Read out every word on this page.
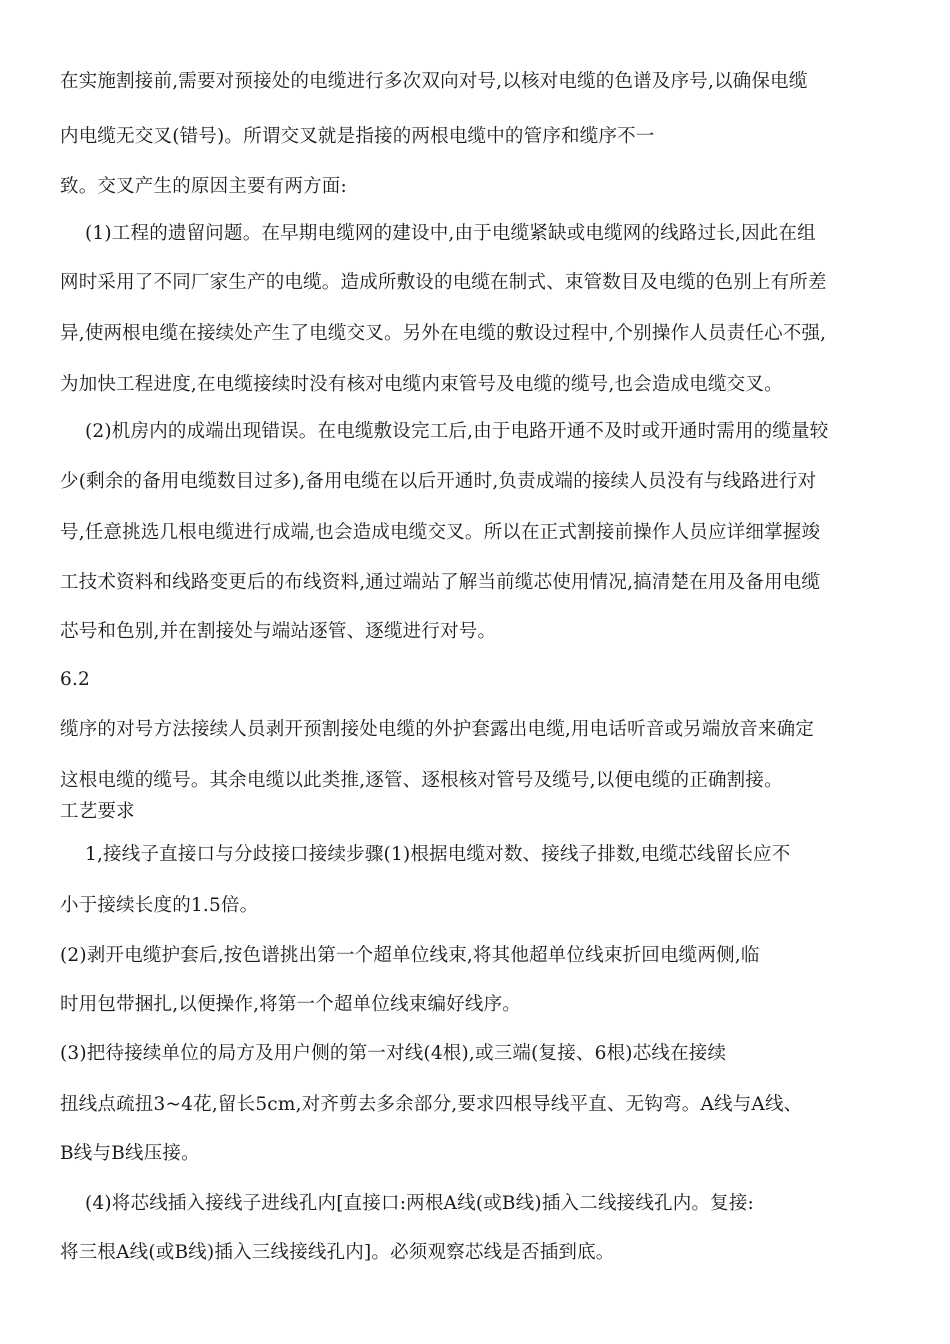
在实施割接前,需要对预接处的电缆进行多次双向对号,以核对电缆的色谱及序号,以确保电缆
内电缆无交叉(错号)。所谓交叉就是指接的两根电缆中的管序和缆序不一
致。交叉产生的原因主要有两方面:
(1)工程的遗留问题。在早期电缆网的建设中,由于电缆紧缺或电缆网的线路过长,因此在组
网时采用了不同厂家生产的电缆。造成所敷设的电缆在制式、束管数目及电缆的色别上有所差
异,使两根电缆在接续处产生了电缆交叉。另外在电缆的敷设过程中,个别操作人员责任心不强,
为加快工程进度,在电缆接续时没有核对电缆内束管号及电缆的缆号,也会造成电缆交叉。
(2)机房内的成端出现错误。在电缆敷设完工后,由于电路开通不及时或开通时需用的缆量较
少(剩余的备用电缆数目过多),备用电缆在以后开通时,负责成端的接续人员没有与线路进行对
号,任意挑选几根电缆进行成端,也会造成电缆交叉。所以在正式割接前操作人员应详细掌握竣
工技术资料和线路变更后的布线资料,通过端站了解当前缆芯使用情况,搞清楚在用及备用电缆
芯号和色别,并在割接处与端站逐管、逐缆进行对号。
6.2
缆序的对号方法接续人员剥开预割接处电缆的外护套露出电缆,用电话听音或另端放音来确定
这根电缆的缆号。其余电缆以此类推,逐管、逐根核对管号及缆号,以便电缆的正确割接。
工艺要求
1,接线子直接口与分歧接口接续步骤(1)根据电缆对数、接线子排数,电缆芯线留长应不
小于接续长度的1.5倍。
(2)剥开电缆护套后,按色谱挑出第一个超单位线束,将其他超单位线束折回电缆两侧,临
时用包带捆扎,以便操作,将第一个超单位线束编好线序。
(3)把待接续单位的局方及用户侧的第一对线(4根),或三端(复接、6根)芯线在接续
扭线点疏扭3~4花,留长5cm,对齐剪去多余部分,要求四根导线平直、无钩弯。A线与A线、
B线与B线压接。
(4)将芯线插入接线子进线孔内[直接口:两根A线(或B线)插入二线接线孔内。复接:
将三根A线(或B线)插入三线接线孔内]。必须观察芯线是否插到底。
